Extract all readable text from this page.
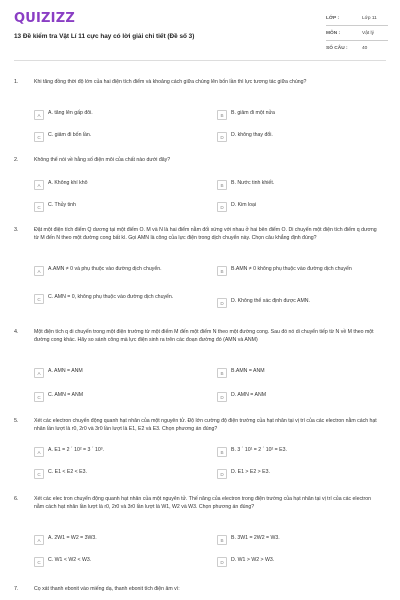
QUIZIZZ
13 Đề kiểm tra Vật Lí 11 cực hay có lời giải chi tiết (Đề số 3)
LỚP :	Lớp 11
MÔN :	Vật lý
SỐ CÂU :	40
1.	Khi tăng đồng thời độ lớn của hai điện tích điểm và khoảng cách giữa chúng lên bốn lần thì lực tương tác giữa chúng?
A	A. tăng lên gấp đôi.	B	B. giảm đi một nửa
C	C. giảm đi bốn lần.	D	D. không thay đổi.
2.	Không thể nói về hằng số điện môi của chất nào dưới đây?
A	A. Không khí khô	B	B. Nước tinh khiết.
C	C. Thủy tinh	D	D. Kim loại
3.	Đặt một điện tích điểm Q dương tại một điểm O. M và N là hai điểm nằm đối xứng với nhau ở hai bên điểm O. Di chuyển một điện tích điểm q dương từ M đến N theo một đường cong bất kì. Gọi AMN là công của lực điện trong dịch chuyển này. Chọn câu khẳng định đúng?
A	A.AMN ≠ 0 và phụ thuộc vào đường dịch chuyển.	B	B.AMN ≠ 0 không phụ thuộc vào đường dịch chuyển
C	C. AMN = 0, không phụ thuộc vào đường dịch chuyển.
D	D. Không thể xác định được AMN.
4.	Một điện tích q di chuyển trong một điện trường từ một điểm M đến một điểm N theo một đường cong. Sau đó nó di chuyển tiếp từ N về M theo một đường cong khác. Hãy so sánh công mà lực điện sinh ra trên các đoạn đường đó (AMN và ANM)
A	A. AMN = ANM	B	B.AMN = ANM
C	C. AMN = ANM	D	D. AMN = ANM
5.	Xét các electron chuyển động quanh hạt nhân của một nguyên tử. Độ lớn cường độ điện trường của hạt nhân tại vị trí của các electron nằm cách hạt nhân lần lượt là r0, 2r0 và 3r0 lần lượt là E1, E2 và E3. Chọn phương án đúng?
A	A. E1 = 2 ´ 10² = 3 ´ 10³.	B	B. 3 ´ 10¹ = 2 ´ 10² = E3.
C	C. E1 < E2 < E3.	D	D. E1 > E2 > E3.
6.	Xét các elec tron chuyển động quanh hạt nhân của một nguyên tử. Thế năng của electron trong điện trường của hạt nhân tại vị trí của các electron nằm cách hạt nhân lần lượt là r0, 2r0 và 3r0 lần lượt là W1, W2 và W3. Chọn phương án đúng?
A	A. 2W1 = W2 = 3W3.	B	B. 3W1 = 2W2 = W3.
C	C. W1 < W2 < W3.	D	D. W1 > W2 > W3.
7.	Cọ xát thanh ebonit vào miếng dạ, thanh ebonit tích điện âm vì:
